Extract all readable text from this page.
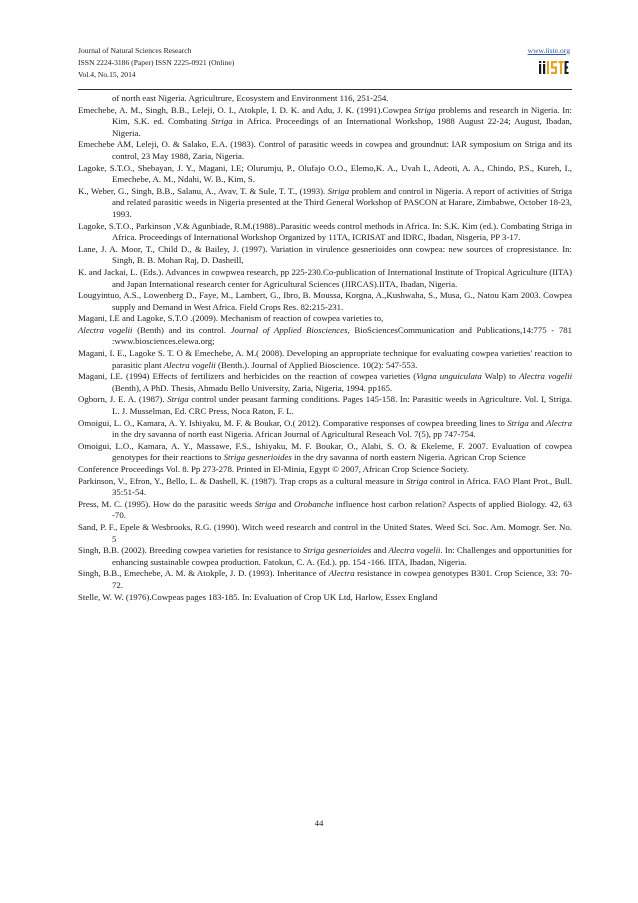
Journal of Natural Sciences Research
ISSN 2224-3186 (Paper) ISSN 2225-0921 (Online)
Vol.4, No.15, 2014
www.iiste.org

of north east Nigeria. Agricultrure, Ecosystem and Environment 116, 251-254.

Emechebe, A. M., Singh, B.B., Leleji, O. I., Atokple, I. D. K. and Adu, J. K. (1991).Cowpea Striga problems and research in Nigeria. In: Kim, S.K. ed. Combating Striga in Africa. Proceedings of an International Workshop, 1988 August 22-24; August, Ibadan, Nigeria.

Emechebe AM, Leleji, O. & Salako, E.A. (1983). Control of parasitic weeds in cowpea and groundnut: IAR symposium on Striga and its control, 23 May 1988, Zaria, Nigeria.

Lagoke, S.T.O., Shebayan, J. Y., Magani, I.E; Olurumju, P., Olufajo O.O., Elemo,K. A., Uvah I., Adeoti, A. A., Chindo, P.S., Kureh, I., Emechebe, A. M., Ndahi, W. B., Kim, S.

K., Weber, G., Singh, B.B., Salanu, A., Avav, T. & Sule, T. T., (1993). Striga problem and control in Nigeria. A report of activities of Striga and related parasitic weeds in Nigeria presented at the Third General Workshop of PASCON at Harare, Zimbabwe, October 18-23, 1993.

Lagoke, S.T.O., Parkinson ,V.& Agunbiade, R.M.(1988)..Parasitic weeds control methods in Africa. In: S.K. Kim (ed.). Combating Striga in Africa. Proceedings of International Workshop Organized by 11TA, ICRISAT and IDRC, Ibadan, Nisgeria, PP 3-17.

Lane, J. A. Moor, T., Child D., & Bailey, J. (1997). Variation in virulence gesnerioides onn cowpea: new sources of cropresistance. In: Singh, B. B. Mohan Raj, D. Dasheill,

K. and Jackai, L. (Eds.). Advances in cowpwea research, pp 225-230.Co-publication of International Institute of Tropical Agriculture (IITA) and Japan International research center for Agricultural Sciences (JIRCAS).IITA, Ibadan, Nigeria.

Lougyintuo, A.S., Lowenberg D., Faye, M., Lambert, G., Ibro, B. Moussa, Korgna, A.,Kushwaha, S., Musa, G., Natou Kam 2003. Cowpea supply and Demand in West Africa. Field Crops Res. 82:215-231.

Magani, I.E and Lagoke, S.T.O .(2009). Mechanism of reaction of cowpea varieties to,

Alectra vogelii (Benth) and its control. Journal of Applied Biosciences, BioSciencesCommunication and Publications,14:775 - 781 :www.biosciences.elewa.org;

Magani, I. E., Lagoke S. T. O & Emechebe, A. M.( 2008). Developing an appropriate technique for evaluating cowpea varieties' reaction to parasitic plant Alectra vogelii (Benth.). Journal of Applied Bioscience. 10(2): 547-553.

Magani, I.E. (1994) Effects of fertilizers and herbicides on the reaction of cowpea varieties (Vigna unguiculata Walp) to Alectra vogelii (Benth), A PhD. Thesis, Ahmadu Bello University, Zaria, Nigeria, 1994. pp165.

Ogborn, J. E. A. (1987). Striga control under peasant farming conditions. Pages 145-158. In: Parasitic weeds in Agriculture. Vol. I, Striga. L. J. Musselman, Ed. CRC Press, Noca Raton, F. L.

Omoigui, L. O., Kamara, A. Y. Ishiyaku, M. F. & Boukar, O.( 2012). Comparative responses of cowpea breeding lines to Striga and Alectra in the dry savanna of north east Nigeria. African Journal of Agricultural Reseach Vol. 7(5), pp 747-754.

Omoigui, L.O., Kamara, A. Y., Massawe, F.S., Ishiyaku, M. F. Boukar, O., Alabi, S. O. & Ekeleme, F. 2007. Evaluation of cowpea genotypes for their reactions to Striga gesnerioides in the dry savanna of north eastern Nigeria. Agrican Crop Science

Conference Proceedings Vol. 8. Pp 273-278. Printed in El-Minia, Egypt © 2007, African Crop Science Society.

Parkinson, V., Efron, Y., Bello, L. & Dashell, K. (1987). Trap crops as a cultural measure in Striga control in Africa. FAO Plant Prot., Bull. 35:51-54.

Press, M. C. (1995). How do the parasitic weeds Striga and Orobanche influence host carbon relation? Aspects of applied Biology. 42, 63 -70.

Sand, P. F., Epele & Wesbrooks, R.G. (1990). Witch weed research and control in the United States. Weed Sci. Soc. Am. Momogr. Ser. No. 5

Singh, B.B. (2002). Breeding cowpea varieties for resistance to Striga gesnerioides and Alectra vogelii. In: Challenges and opportunities for enhancing sustainable cowpea production. Fatokun, C. A. (Ed.). pp. 154 -166. IITA, Ibadan, Nigeria.

Singh, B.B., Emechebe, A. M. & Atokple, J. D. (1993). Inheritance of Alectra resistance in cowpea genotypes B301. Crop Science, 33: 70-72.

Stelle, W. W. (1976).Cowpeas pages 183-185. In: Evaluation of Crop UK Ltd, Harlow, Essex England

44
